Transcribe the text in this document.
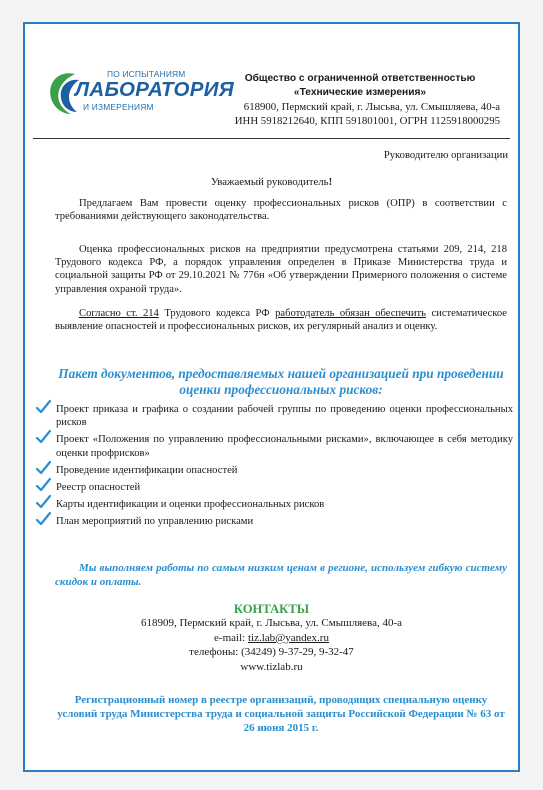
ПО ИСПЫТАНИЯМ
ЛАБОРАТОРИЯ
И ИЗМЕРЕНИЯМ
Общество с ограниченной ответственностью
«Технические измерения»
618900, Пермский край, г. Лысьва, ул. Смышляева, 40-а
ИНН 5918212640, КПП 591801001, ОГРН 1125918000295
Руководителю организации
Уважаемый руководитель!
Предлагаем Вам провести оценку профессиональных рисков (ОПР) в соответствии с требованиями действующего законодательства.
Оценка профессиональных рисков на предприятии предусмотрена статьями 209, 214, 218 Трудового кодекса РФ, а порядок управления определен в Приказе Министерства труда и социальной защиты РФ от 29.10.2021 № 776н «Об утверждении Примерного положения о системе управления охраной труда».
Согласно ст. 214 Трудового кодекса РФ работодатель обязан обеспечить систематическое выявление опасностей и профессиональных рисков, их регулярный анализ и оценку.
Пакет документов, предоставляемых нашей организацией при проведении оценки профессиональных рисков:
Проект приказа и графика о создании рабочей группы по проведению оценки профессиональных рисков
Проект «Положения по управлению профессиональными рисками», включающее в себя методику оценки профрисков»
Проведение идентификации опасностей
Реестр опасностей
Карты идентификации и оценки профессиональных рисков
План мероприятий по управлению рисками
Мы выполняем работы по самым низким ценам в регионе, используем гибкую систему скидок и оплаты.
КОНТАКТЫ
618909, Пермский край, г. Лысьва, ул. Смышляева, 40-а
e-mail: tiz.lab@yandex.ru
телефоны: (34249) 9-37-29, 9-32-47
www.tizlab.ru
Регистрационный номер в реестре организаций, проводящих специальную оценку условий труда Министерства труда и социальной защиты Российской Федерации № 63 от 26 июня 2015 г.
